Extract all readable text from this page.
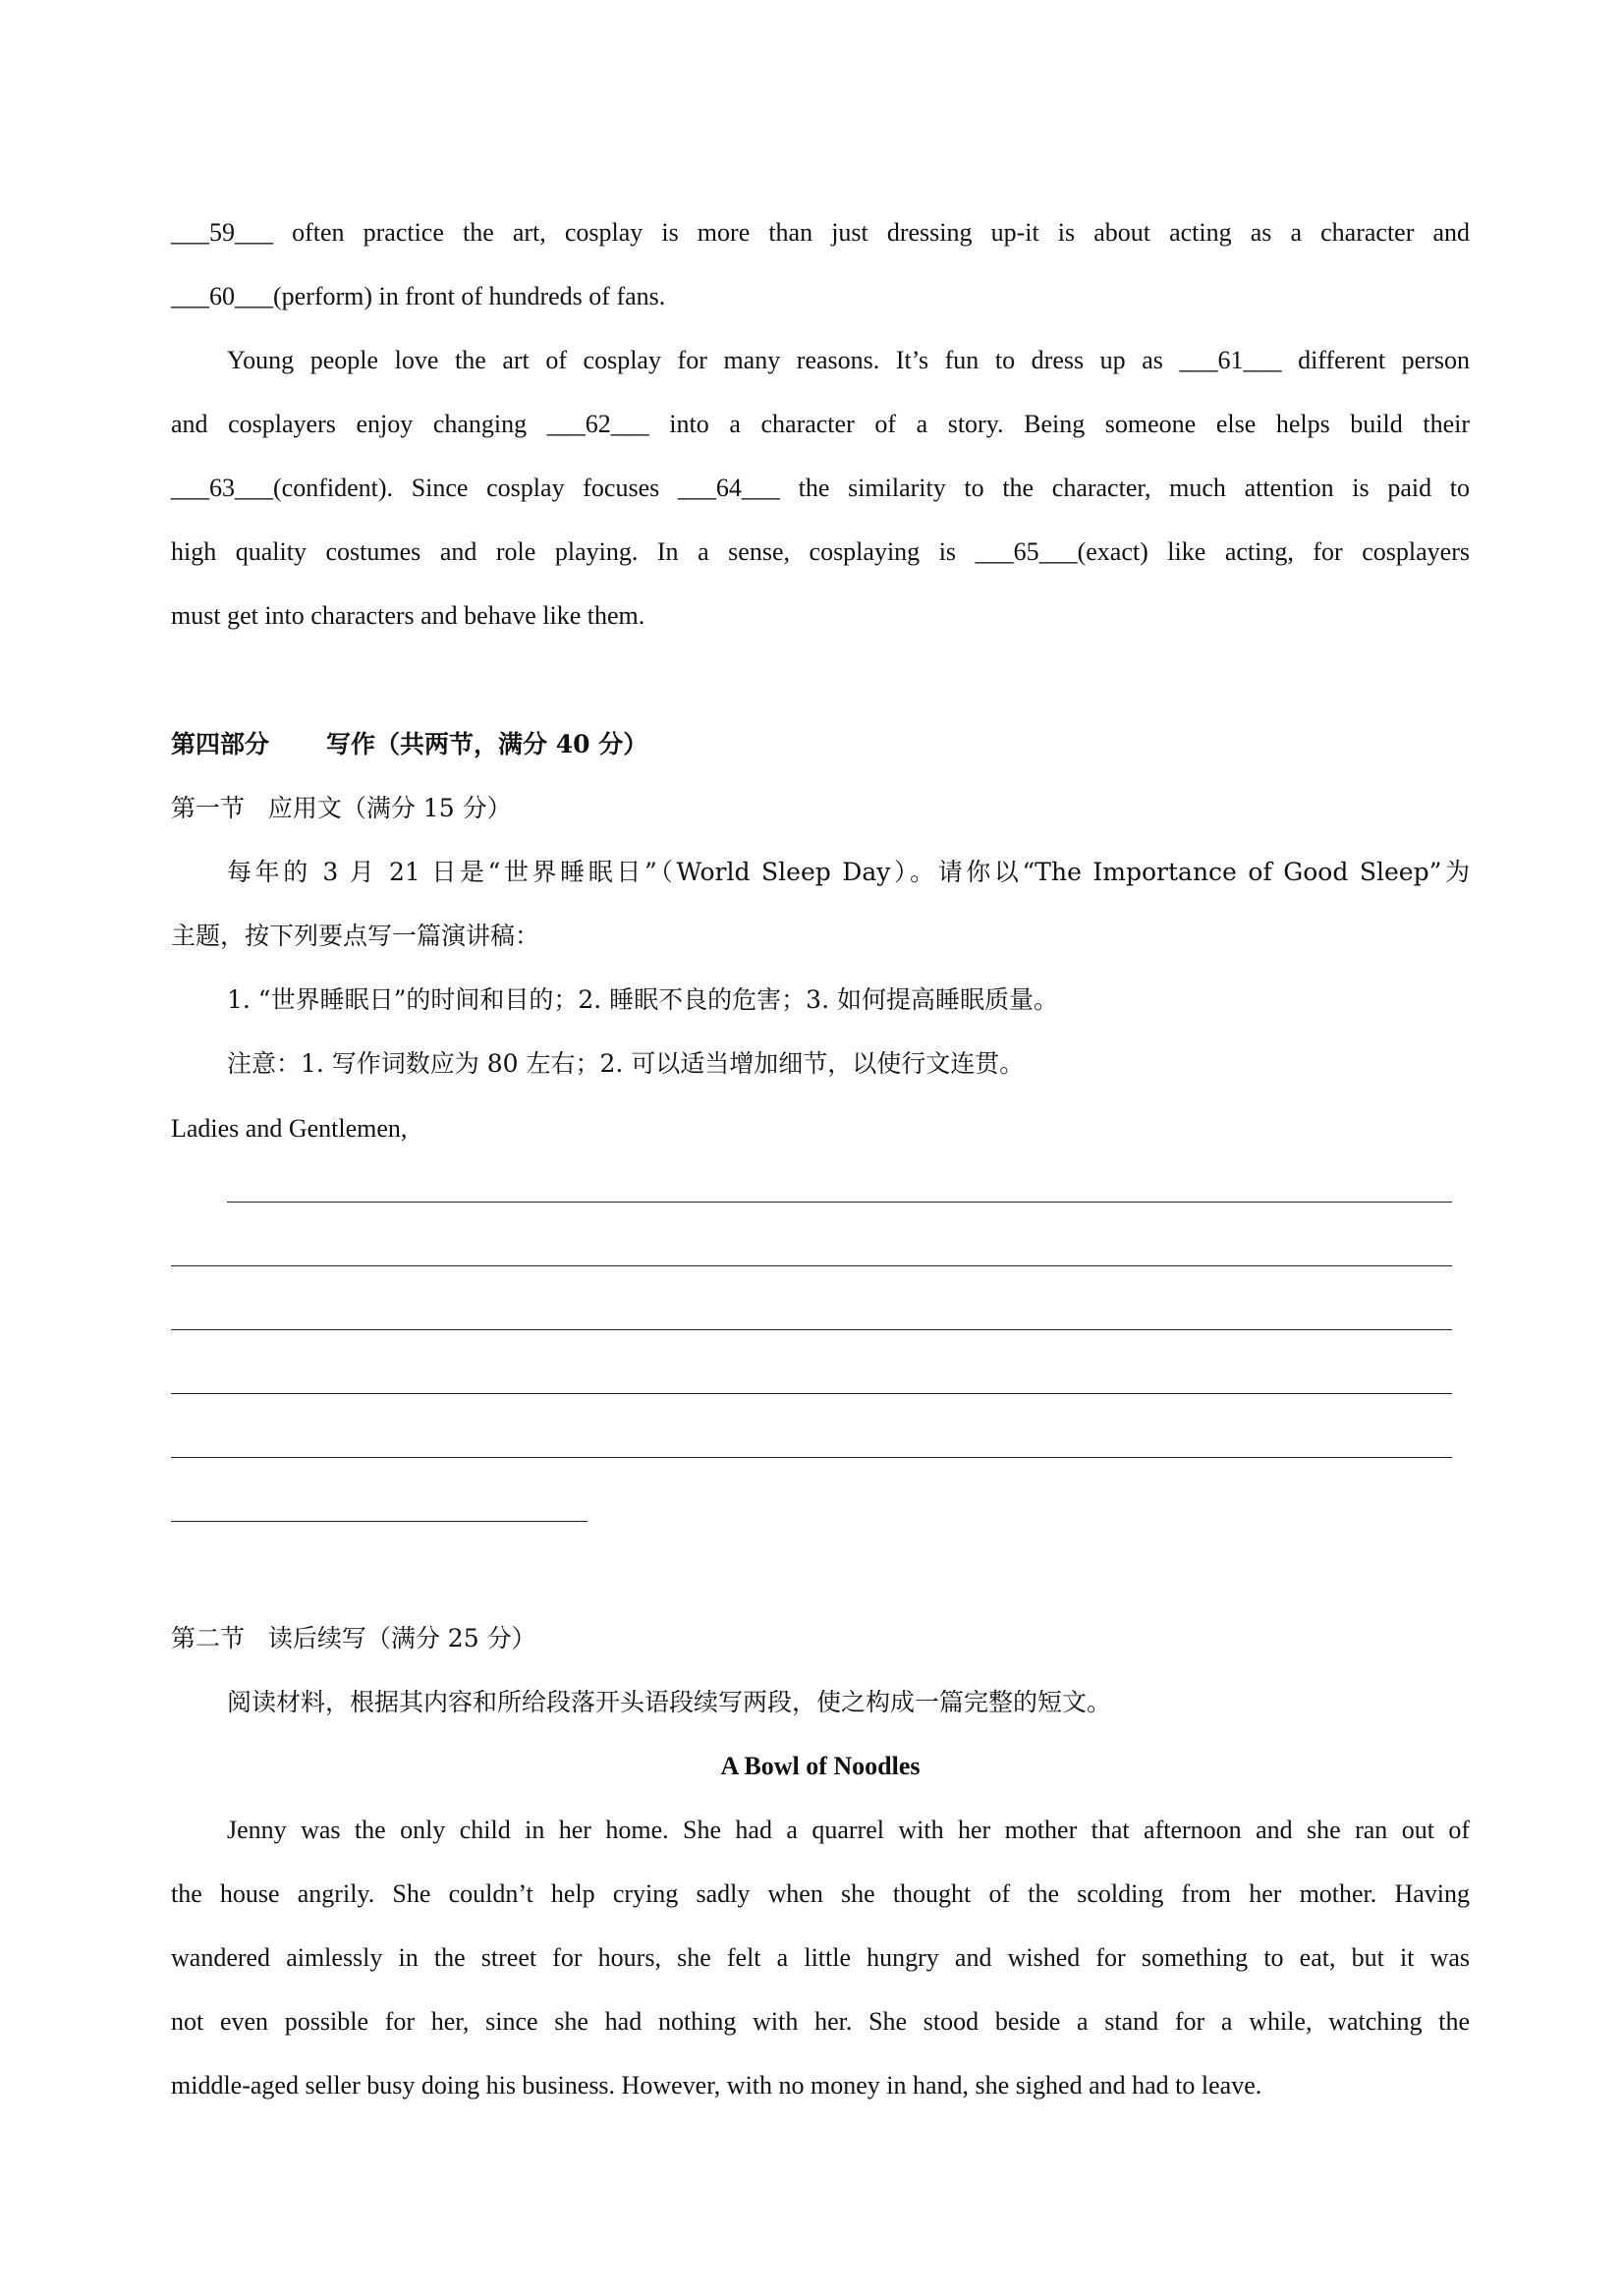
___59___ often practice the art, cosplay is more than just dressing up-it is about acting as a character and
___60___(perform) in front of hundreds of fans.
Young people love the art of cosplay for many reasons. It’s fun to dress up as ___61___ different person
and cosplayers enjoy changing ___62___ into a character of a story. Being someone else helps build their
___63___(confident). Since cosplay focuses ___64___ the similarity to the character, much attention is paid to
high quality costumes and role playing. In a sense, cosplaying is ___65___(exact) like acting, for cosplayers
must get into characters and behave like them.
第四部分 写作（共两节，满分 40 分）
第一节 应用文（满分 15 分）
每年的 3 月 21 日是“世界睡眠日”（World Sleep Day）。请你以“The Importance of Good Sleep”为
主题，按下列要点写一篇演讲稿：
1. “世界睡眠日”的时间和目的；2. 睡眠不良的危害；3. 如何提高睡眠质量。
注意：1. 写作词数应为 80 左右；2. 可以适当增加细节，以使行文连贯。
Ladies and Gentlemen,
第二节 读后续写（满分 25 分）
阅读材料，根据其内容和所给段落开头语段续写两段，使之构成一篇完整的短文。
A Bowl of Noodles
Jenny was the only child in her home. She had a quarrel with her mother that afternoon and she ran out of
the house angrily. She couldn’t help crying sadly when she thought of the scolding from her mother. Having
wandered aimlessly in the street for hours, she felt a little hungry and wished for something to eat, but it was
not even possible for her, since she had nothing with her. She stood beside a stand for a while, watching the
middle-aged seller busy doing his business. However, with no money in hand, she sighed and had to leave.
